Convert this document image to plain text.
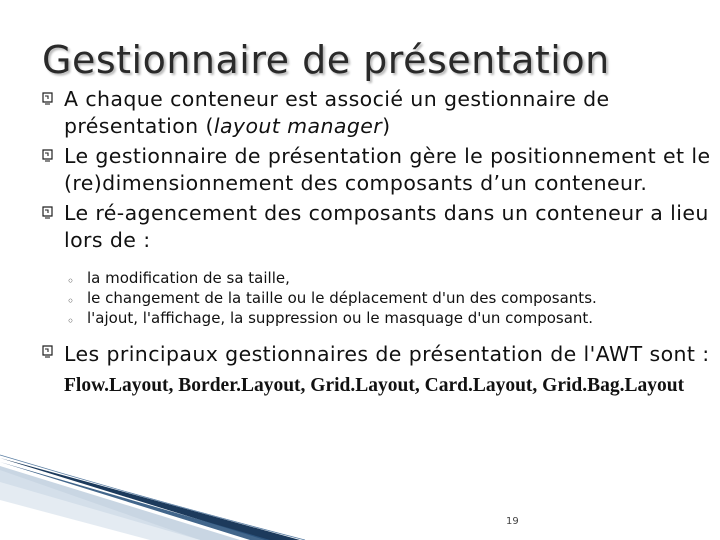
Gestionnaire de présentation
A chaque conteneur est associé un gestionnaire de présentation (layout manager)
Le gestionnaire de présentation gère le positionnement et le (re)dimensionnement des composants d’un conteneur.
Le ré-agencement des composants dans un conteneur a lieu lors de :
◦ la modification de sa taille,
◦ le changement de la taille ou le déplacement d'un des composants.
◦ l'ajout, l'affichage, la suppression ou le masquage d'un composant.
Les principaux gestionnaires de présentation de l'AWT sont : Flow.Layout, Border.Layout, Grid.Layout, Card.Layout, Grid.Bag.Layout
19
